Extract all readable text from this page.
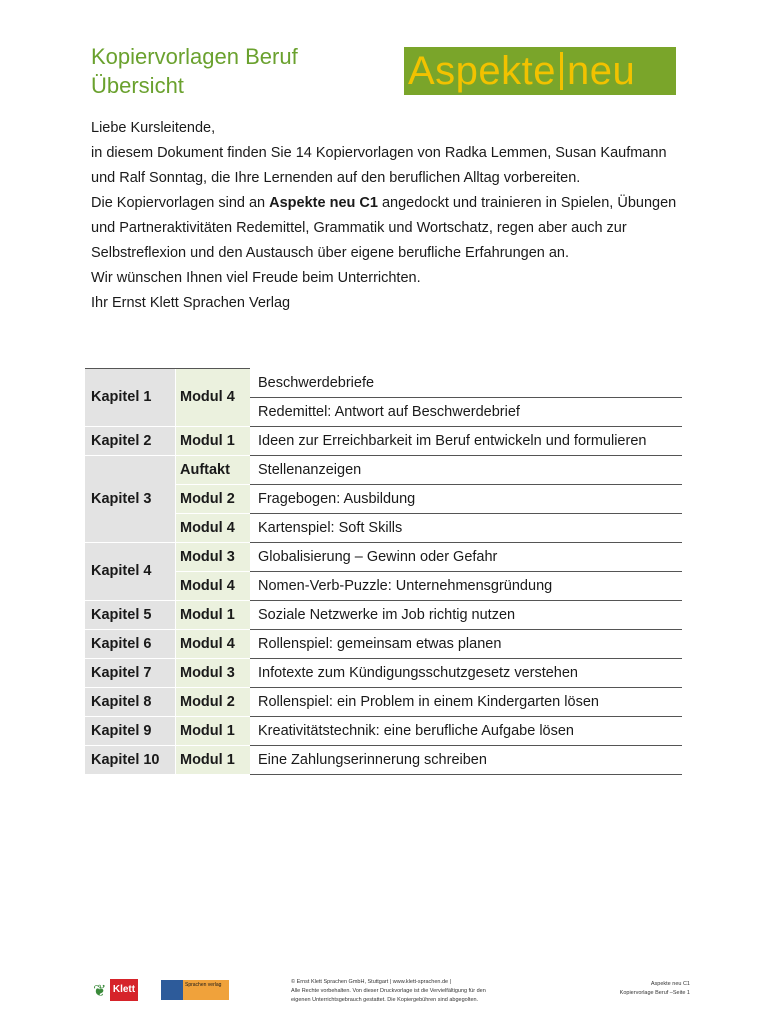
Kopiervorlagen Beruf
Übersicht	Aspekte neu

Liebe Kursleitende,

in diesem Dokument finden Sie 14 Kopiervorlagen von Radka Lemmen, Susan Kaufmann und Ralf Sonntag, die Ihre Lernenden auf den beruflichen Alltag vorbereiten.

Die Kopiervorlagen sind an Aspekte neu C1 angedockt und trainieren in Spielen, Übungen und Partneraktivitäten Redemittel, Grammatik und Wortschatz, regen aber auch zur Selbstreflexion und den Austausch über eigene berufliche Erfahrungen an.

Wir wünschen Ihnen viel Freude beim Unterrichten.

Ihr Ernst Klett Sprachen Verlag

Kapitel 1	Modul 4	Beschwerdebriefe
		Redemittel: Antwort auf Beschwerdebrief
Kapitel 2	Modul 1	Ideen zur Erreichbarkeit im Beruf entwickeln und formulieren
Kapitel 3	Auftakt	Stellenanzeigen
	Modul 2	Fragebogen: Ausbildung
	Modul 4	Kartenspiel: Soft Skills
Kapitel 4	Modul 3	Globalisierung – Gewinn oder Gefahr
	Modul 4	Nomen-Verb-Puzzle: Unternehmensgründung
Kapitel 5	Modul 1	Soziale Netzwerke im Job richtig nutzen
Kapitel 6	Modul 4	Rollenspiel: gemeinsam etwas planen
Kapitel 7	Modul 3	Infotexte zum Kündigungsschutzgesetz verstehen
Kapitel 8	Modul 2	Rollenspiel: ein Problem in einem Kindergarten lösen
Kapitel 9	Modul 1	Kreativitätstechnik: eine berufliche Aufgabe lösen
Kapitel 10	Modul 1	Eine Zahlungserinnerung schreiben
❦ Klett	Sprachen verlag	© Ernst Klett Sprachen GmbH, Stuttgart | www.klett-sprachen.de |
Alle Rechte vorbehalten. Von dieser Druckvorlage ist die Vervielfältigung für den
eigenen Unterrichtsgebrauch gestattet. Die Kopiergebühren sind abgegolten.
Aspekte neu C1
Kopiervorlage Beruf –Seite 1
